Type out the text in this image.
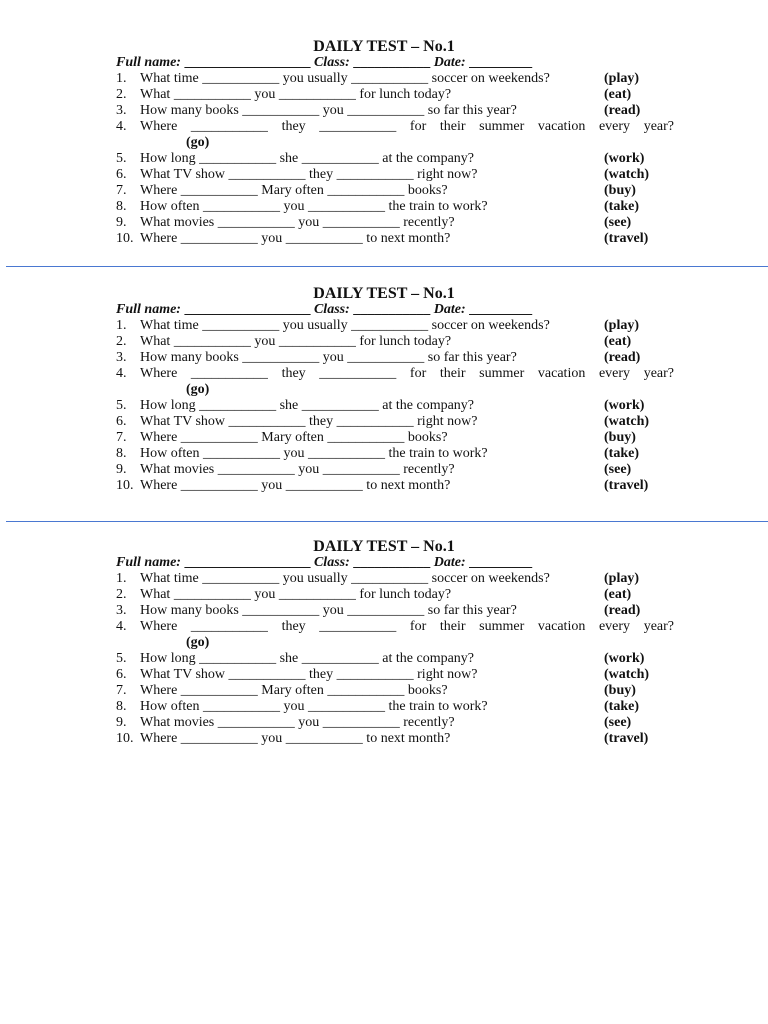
DAILY TEST – No.1
Full name: __________________ Class: ___________ Date: _________
1. What time ___________ you usually ___________ soccer on weekends?	(play)
2. What ___________ you ___________ for lunch today?	(eat)
3. How many books ___________ you ___________ so far this year?	(read)
4. Where ___________ they ___________ for their summer vacation every year?
(go)
5. How long ___________ she ___________ at the company?	(work)
6. What TV show ___________ they ___________ right now?	(watch)
7. Where ___________ Mary often ___________ books?	(buy)
8. How often ___________ you ___________ the train to work?	(take)
9. What movies ___________ you ___________ recently?	(see)
10. Where ___________ you ___________ to next month?	(travel)
DAILY TEST – No.1
Full name: __________________ Class: ___________ Date: _________
1. What time ___________ you usually ___________ soccer on weekends?	(play)
2. What ___________ you ___________ for lunch today?	(eat)
3. How many books ___________ you ___________ so far this year?	(read)
4. Where ___________ they ___________ for their summer vacation every year?
(go)
5. How long ___________ she ___________ at the company?	(work)
6. What TV show ___________ they ___________ right now?	(watch)
7. Where ___________ Mary often ___________ books?	(buy)
8. How often ___________ you ___________ the train to work?	(take)
9. What movies ___________ you ___________ recently?	(see)
10. Where ___________ you ___________ to next month?	(travel)
DAILY TEST – No.1
Full name: __________________ Class: ___________ Date: _________
1. What time ___________ you usually ___________ soccer on weekends?	(play)
2. What ___________ you ___________ for lunch today?	(eat)
3. How many books ___________ you ___________ so far this year?	(read)
4. Where ___________ they ___________ for their summer vacation every year?
(go)
5. How long ___________ she ___________ at the company?	(work)
6. What TV show ___________ they ___________ right now?	(watch)
7. Where ___________ Mary often ___________ books?	(buy)
8. How often ___________ you ___________ the train to work?	(take)
9. What movies ___________ you ___________ recently?	(see)
10. Where ___________ you ___________ to next month?	(travel)
